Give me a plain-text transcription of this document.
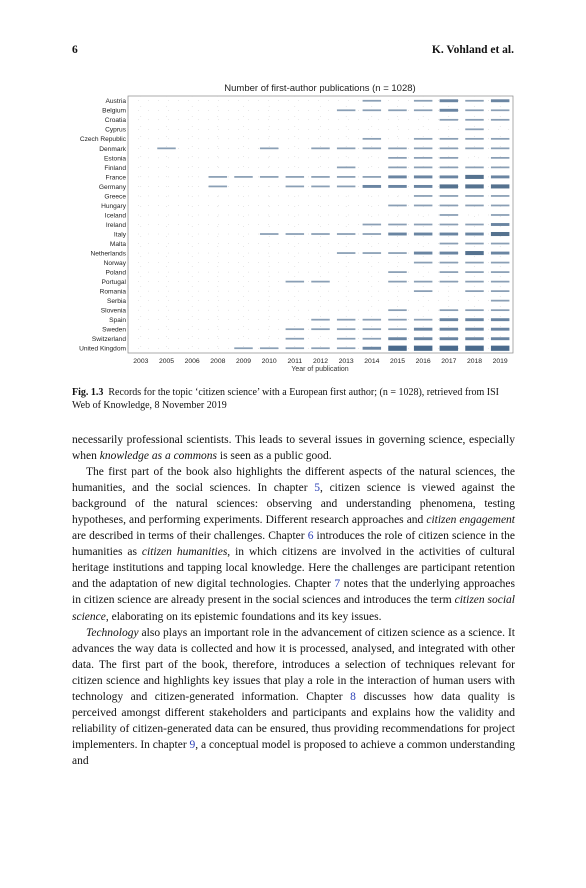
6	K. Vohland et al.
Number of first-author publications (n = 1028)
Austria
Belgium
Croatia
Cyprus
Czech Republic
Denmark
Estonia
Finland
France
Germany
Greece
Hungary
Iceland
Ireland
Italy
Malta
Netherlands
Norway
Poland
Portugal
Romania
Serbia
Slovenia
Spain
Sweden
Switzerland
United Kingdom
2003 2005 2006 2008 2009 2010 2011 2012 2013 2014 2015 2016 2017 2018 2019
Year of publication
Fig. 1.3 Records for the topic ‘citizen science’ with a European first author; (n = 1028), retrieved from ISI Web of Knowledge, 8 November 2019

necessarily professional scientists. This leads to several issues in governing science, especially when knowledge as a commons is seen as a public good.

The first part of the book also highlights the different aspects of the natural sciences, the humanities, and the social sciences. In chapter 5, citizen science is viewed against the background of the natural sciences: observing and understanding phenomena, testing hypotheses, and performing experiments. Different research approaches and citizen engagement are described in terms of their challenges. Chapter 6 introduces the role of citizen science in the humanities as citizen humanities, in which citizens are involved in the activities of cultural heritage institutions and tapping local knowledge. Here the challenges are participant retention and the adaptation of new digital technologies. Chapter 7 notes that the underlying approaches in citizen science are already present in the social sciences and introduces the term citizen social science, elaborating on its epistemic foundations and its key issues.

Technology also plays an important role in the advancement of citizen science as a science. It advances the way data is collected and how it is processed, analysed, and integrated with other data. The first part of the book, therefore, introduces a selection of techniques relevant for citizen science and highlights key issues that play a role in the interaction of human users with technology and citizen-generated information. Chapter 8 discusses how data quality is perceived amongst different stakeholders and participants and explains how the validity and reliability of citizen-generated data can be ensured, thus providing recommendations for project implementers. In chapter 9, a conceptual model is proposed to achieve a common understanding and
